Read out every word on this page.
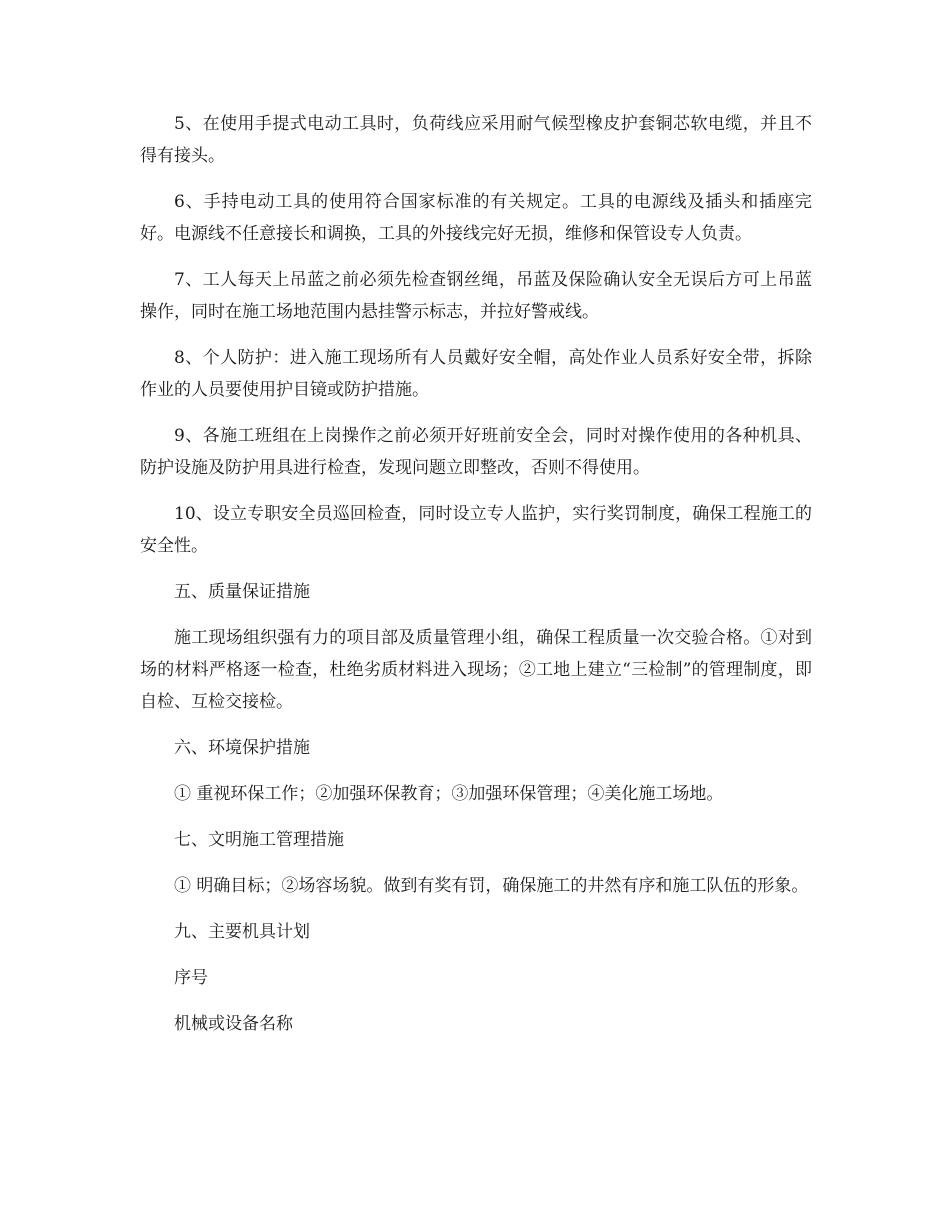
5、在使用手提式电动工具时，负荷线应采用耐气候型橡皮护套铜芯软电缆，并且不得有接头。

6、手持电动工具的使用符合国家标准的有关规定。工具的电源线及插头和插座完好。电源线不任意接长和调换，工具的外接线完好无损，维修和保管设专人负责。

7、工人每天上吊蓝之前必须先检查钢丝绳，吊蓝及保险确认安全无误后方可上吊蓝操作，同时在施工场地范围内悬挂警示标志，并拉好警戒线。

8、个人防护：进入施工现场所有人员戴好安全帽，高处作业人员系好安全带，拆除作业的人员要使用护目镜或防护措施。

9、各施工班组在上岗操作之前必须开好班前安全会，同时对操作使用的各种机具、防护设施及防护用具进行检查，发现问题立即整改，否则不得使用。

10、设立专职安全员巡回检查，同时设立专人监护，实行奖罚制度，确保工程施工的安全性。

五、质量保证措施

施工现场组织强有力的项目部及质量管理小组，确保工程质量一次交验合格。①对到场的材料严格逐一检查，杜绝劣质材料进入现场；②工地上建立“三检制”的管理制度，即自检、互检交接检。

六、环境保护措施

① 重视环保工作；②加强环保教育；③加强环保管理；④美化施工场地。

七、文明施工管理措施

① 明确目标；②场容场貌。做到有奖有罚，确保施工的井然有序和施工队伍的形象。

九、主要机具计划

序号

机械或设备名称
